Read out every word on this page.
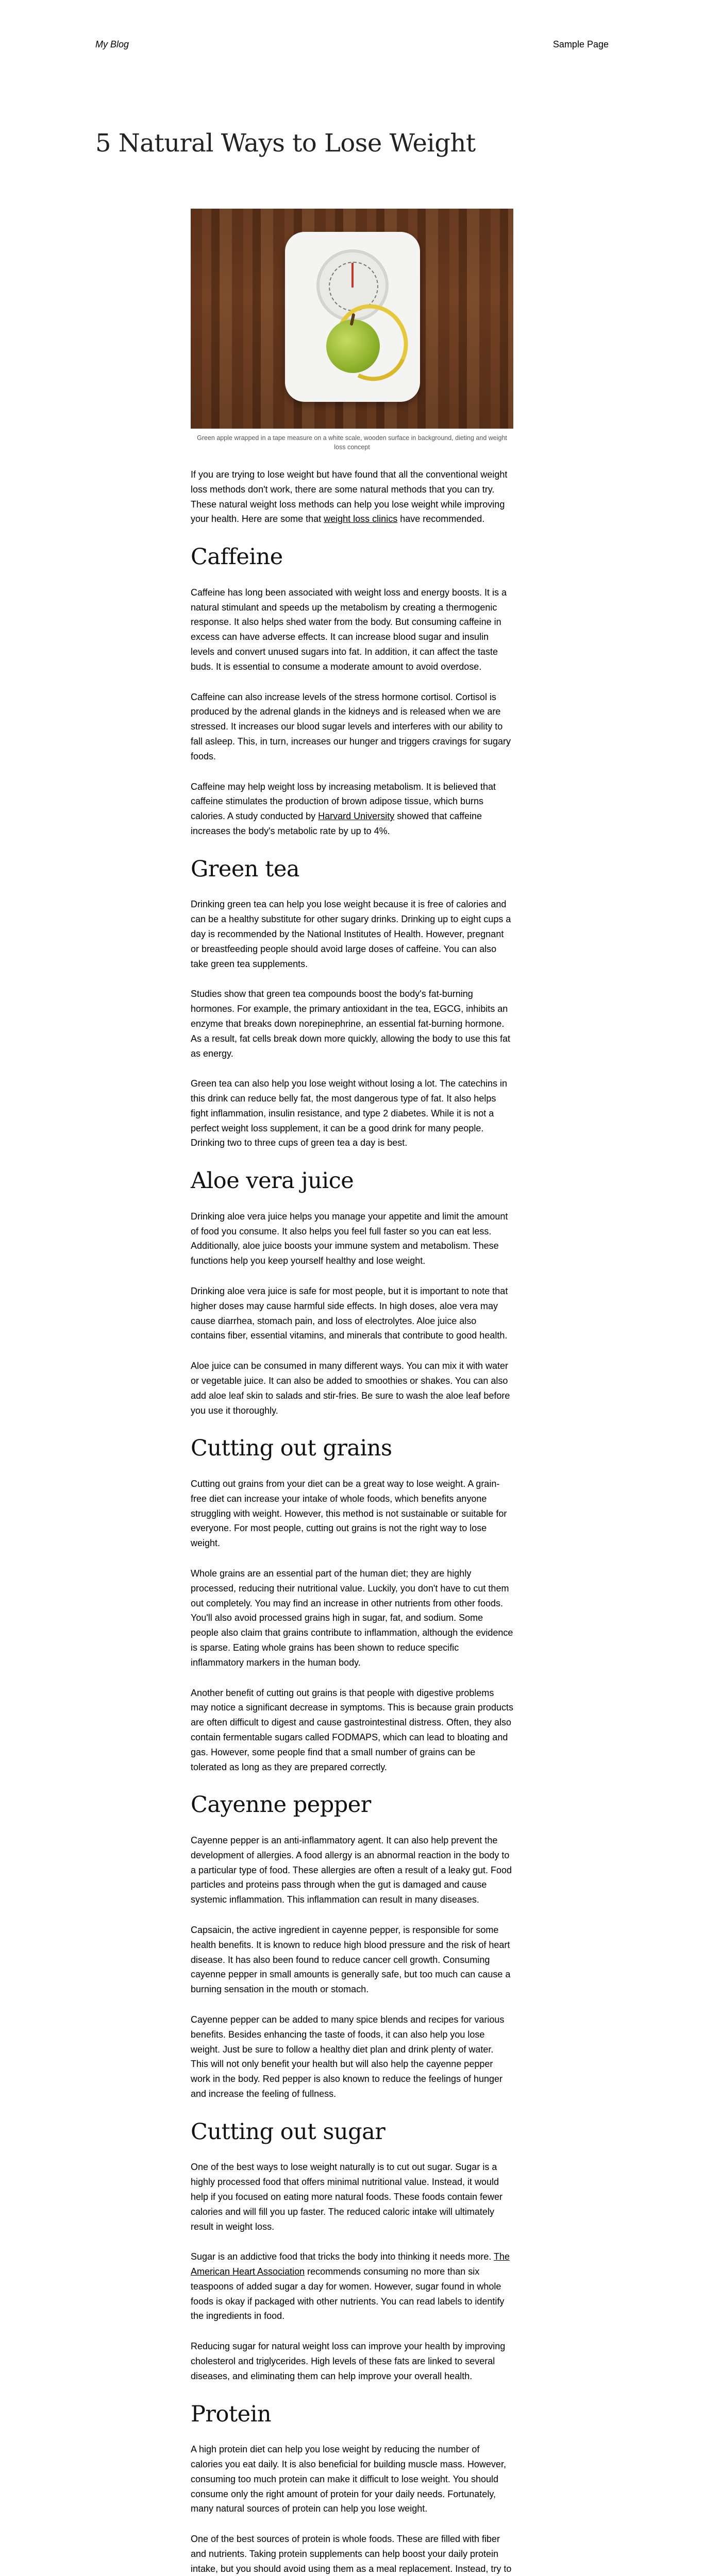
My Blog	Sample Page
5 Natural Ways to Lose Weight
Green apple wrapped in a tape measure on a white scale, wooden surface in background, dieting and weight loss concept

If you are trying to lose weight but have found that all the conventional weight loss methods don't work, there are some natural methods that you can try. These natural weight loss methods can help you lose weight while improving your health. Here are some that weight loss clinics have recommended.

Caffeine

Caffeine has long been associated with weight loss and energy boosts. It is a natural stimulant and speeds up the metabolism by creating a thermogenic response. It also helps shed water from the body. But consuming caffeine in excess can have adverse effects. It can increase blood sugar and insulin levels and convert unused sugars into fat. In addition, it can affect the taste buds. It is essential to consume a moderate amount to avoid overdose.

Caffeine can also increase levels of the stress hormone cortisol. Cortisol is produced by the adrenal glands in the kidneys and is released when we are stressed. It increases our blood sugar levels and interferes with our ability to fall asleep. This, in turn, increases our hunger and triggers cravings for sugary foods.

Caffeine may help weight loss by increasing metabolism. It is believed that caffeine stimulates the production of brown adipose tissue, which burns calories. A study conducted by Harvard University showed that caffeine increases the body's metabolic rate by up to 4%.

Green tea

Drinking green tea can help you lose weight because it is free of calories and can be a healthy substitute for other sugary drinks. Drinking up to eight cups a day is recommended by the National Institutes of Health. However, pregnant or breastfeeding people should avoid large doses of caffeine. You can also take green tea supplements.

Studies show that green tea compounds boost the body's fat-burning hormones. For example, the primary antioxidant in the tea, EGCG, inhibits an enzyme that breaks down norepinephrine, an essential fat-burning hormone. As a result, fat cells break down more quickly, allowing the body to use this fat as energy.

Green tea can also help you lose weight without losing a lot. The catechins in this drink can reduce belly fat, the most dangerous type of fat. It also helps fight inflammation, insulin resistance, and type 2 diabetes. While it is not a perfect weight loss supplement, it can be a good drink for many people. Drinking two to three cups of green tea a day is best.

Aloe vera juice

Drinking aloe vera juice helps you manage your appetite and limit the amount of food you consume. It also helps you feel full faster so you can eat less. Additionally, aloe juice boosts your immune system and metabolism. These functions help you keep yourself healthy and lose weight.

Drinking aloe vera juice is safe for most people, but it is important to note that higher doses may cause harmful side effects. In high doses, aloe vera may cause diarrhea, stomach pain, and loss of electrolytes. Aloe juice also contains fiber, essential vitamins, and minerals that contribute to good health.

Aloe juice can be consumed in many different ways. You can mix it with water or vegetable juice. It can also be added to smoothies or shakes. You can also add aloe leaf skin to salads and stir-fries. Be sure to wash the aloe leaf before you use it thoroughly.

Cutting out grains

Cutting out grains from your diet can be a great way to lose weight. A grain-free diet can increase your intake of whole foods, which benefits anyone struggling with weight. However, this method is not sustainable or suitable for everyone. For most people, cutting out grains is not the right way to lose weight.

Whole grains are an essential part of the human diet; they are highly processed, reducing their nutritional value. Luckily, you don't have to cut them out completely. You may find an increase in other nutrients from other foods. You'll also avoid processed grains high in sugar, fat, and sodium. Some people also claim that grains contribute to inflammation, although the evidence is sparse. Eating whole grains has been shown to reduce specific inflammatory markers in the human body.

Another benefit of cutting out grains is that people with digestive problems may notice a significant decrease in symptoms. This is because grain products are often difficult to digest and cause gastrointestinal distress. Often, they also contain fermentable sugars called FODMAPS, which can lead to bloating and gas. However, some people find that a small number of grains can be tolerated as long as they are prepared correctly.

Cayenne pepper

Cayenne pepper is an anti-inflammatory agent. It can also help prevent the development of allergies. A food allergy is an abnormal reaction in the body to a particular type of food. These allergies are often a result of a leaky gut. Food particles and proteins pass through when the gut is damaged and cause systemic inflammation. This inflammation can result in many diseases.

Capsaicin, the active ingredient in cayenne pepper, is responsible for some health benefits. It is known to reduce high blood pressure and the risk of heart disease. It has also been found to reduce cancer cell growth. Consuming cayenne pepper in small amounts is generally safe, but too much can cause a burning sensation in the mouth or stomach.

Cayenne pepper can be added to many spice blends and recipes for various benefits. Besides enhancing the taste of foods, it can also help you lose weight. Just be sure to follow a healthy diet plan and drink plenty of water. This will not only benefit your health but will also help the cayenne pepper work in the body. Red pepper is also known to reduce the feelings of hunger and increase the feeling of fullness.

Cutting out sugar

One of the best ways to lose weight naturally is to cut out sugar. Sugar is a highly processed food that offers minimal nutritional value. Instead, it would help if you focused on eating more natural foods. These foods contain fewer calories and will fill you up faster. The reduced caloric intake will ultimately result in weight loss.

Sugar is an addictive food that tricks the body into thinking it needs more. The American Heart Association recommends consuming no more than six teaspoons of added sugar a day for women. However, sugar found in whole foods is okay if packaged with other nutrients. You can read labels to identify the ingredients in food.

Reducing sugar for natural weight loss can improve your health by improving cholesterol and triglycerides. High levels of these fats are linked to several diseases, and eliminating them can help improve your overall health.

Protein

A high protein diet can help you lose weight by reducing the number of calories you eat daily. It is also beneficial for building muscle mass. However, consuming too much protein can make it difficult to lose weight. You should consume only the right amount of protein for your daily needs. Fortunately, many natural sources of protein can help you lose weight.

One of the best sources of protein is whole foods. These are filled with fiber and nutrients. Taking protein supplements can help boost your daily protein intake, but you should avoid using them as a meal replacement. Instead, try to
